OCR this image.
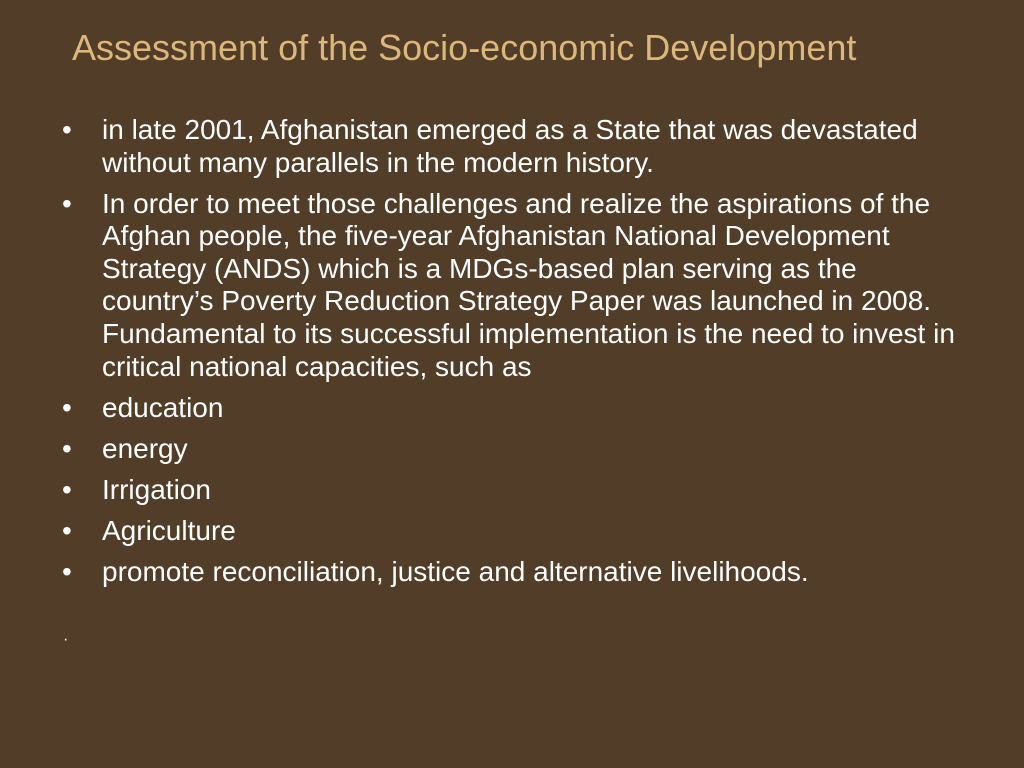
Assessment of the Socio-economic Development
• in late 2001, Afghanistan emerged as a State that was devastated without many parallels in the modern history.
• In order to meet those challenges and realize the aspirations of the Afghan people, the five-year Afghanistan National Development Strategy (ANDS) which is a MDGs-based plan serving as the country’s Poverty Reduction Strategy Paper was launched in 2008. Fundamental to its successful implementation is the need to invest in critical national capacities, such as
• education
• energy
• Irrigation
• Agriculture
• promote reconciliation, justice and alternative livelihoods.
·
